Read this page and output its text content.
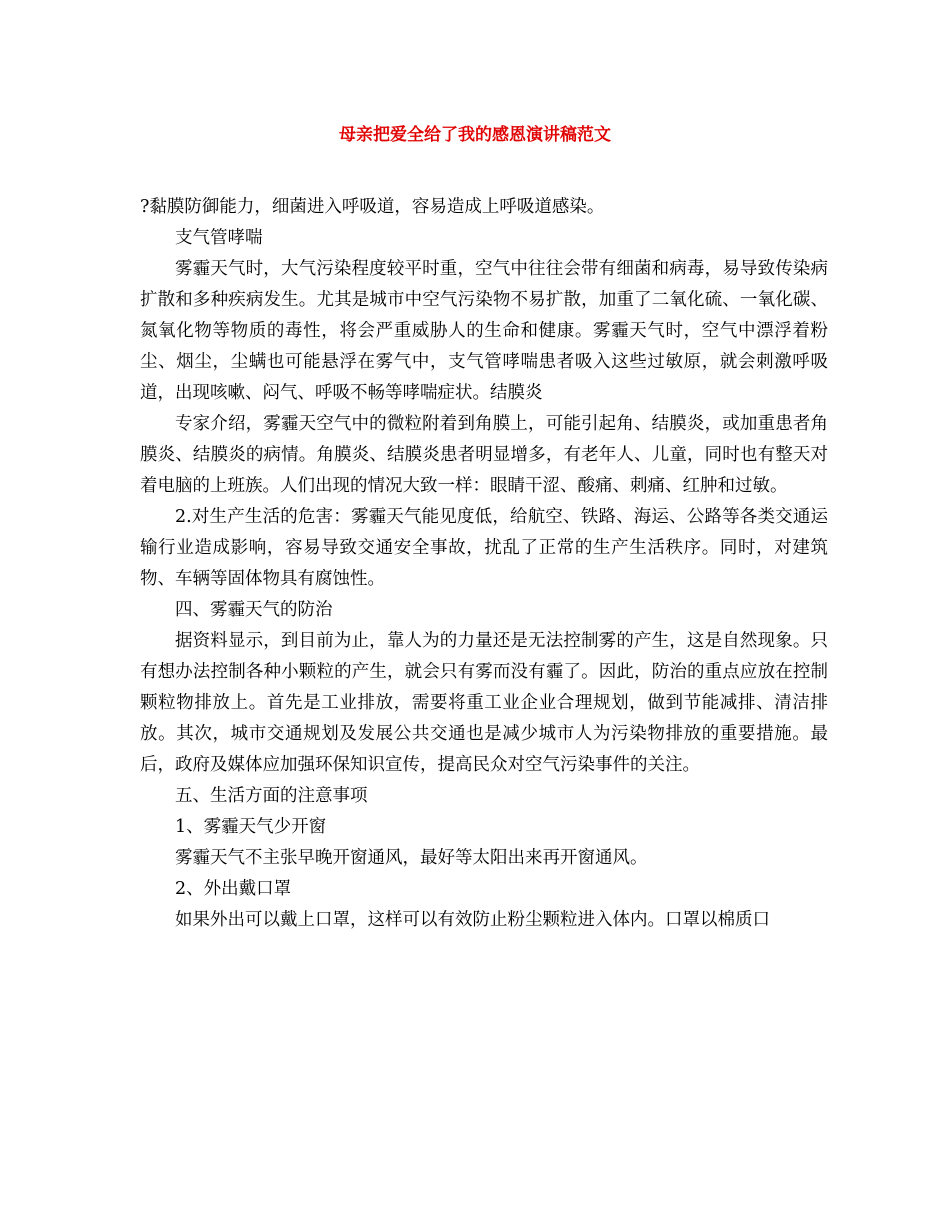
母亲把爱全给了我的感恩演讲稿范文

?黏膜防御能力，细菌进入呼吸道，容易造成上呼吸道感染。

支气管哮喘

雾霾天气时，大气污染程度较平时重，空气中往往会带有细菌和病毒，易导致传染病扩散和多种疾病发生。尤其是城市中空气污染物不易扩散，加重了二氧化硫、一氧化碳、氮氧化物等物质的毒性，将会严重威胁人的生命和健康。雾霾天气时，空气中漂浮着粉尘、烟尘，尘螨也可能悬浮在雾气中，支气管哮喘患者吸入这些过敏原，就会刺激呼吸道，出现咳嗽、闷气、呼吸不畅等哮喘症状。结膜炎

专家介绍，雾霾天空气中的微粒附着到角膜上，可能引起角、结膜炎，或加重患者角膜炎、结膜炎的病情。角膜炎、结膜炎患者明显增多，有老年人、儿童，同时也有整天对着电脑的上班族。人们出现的情况大致一样：眼睛干涩、酸痛、刺痛、红肿和过敏。

2.对生产生活的危害：雾霾天气能见度低，给航空、铁路、海运、公路等各类交通运输行业造成影响，容易导致交通安全事故，扰乱了正常的生产生活秩序。同时，对建筑物、车辆等固体物具有腐蚀性。

四、雾霾天气的防治

据资料显示，到目前为止，靠人为的力量还是无法控制雾的产生，这是自然现象。只有想办法控制各种小颗粒的产生，就会只有雾而没有霾了。因此，防治的重点应放在控制颗粒物排放上。首先是工业排放，需要将重工业企业合理规划，做到节能减排、清洁排放。其次，城市交通规划及发展公共交通也是减少城市人为污染物排放的重要措施。最后，政府及媒体应加强环保知识宣传，提高民众对空气污染事件的关注。

五、生活方面的注意事项

1、雾霾天气少开窗

雾霾天气不主张早晚开窗通风，最好等太阳出来再开窗通风。

2、外出戴口罩

如果外出可以戴上口罩，这样可以有效防止粉尘颗粒进入体内。口罩以棉质口
